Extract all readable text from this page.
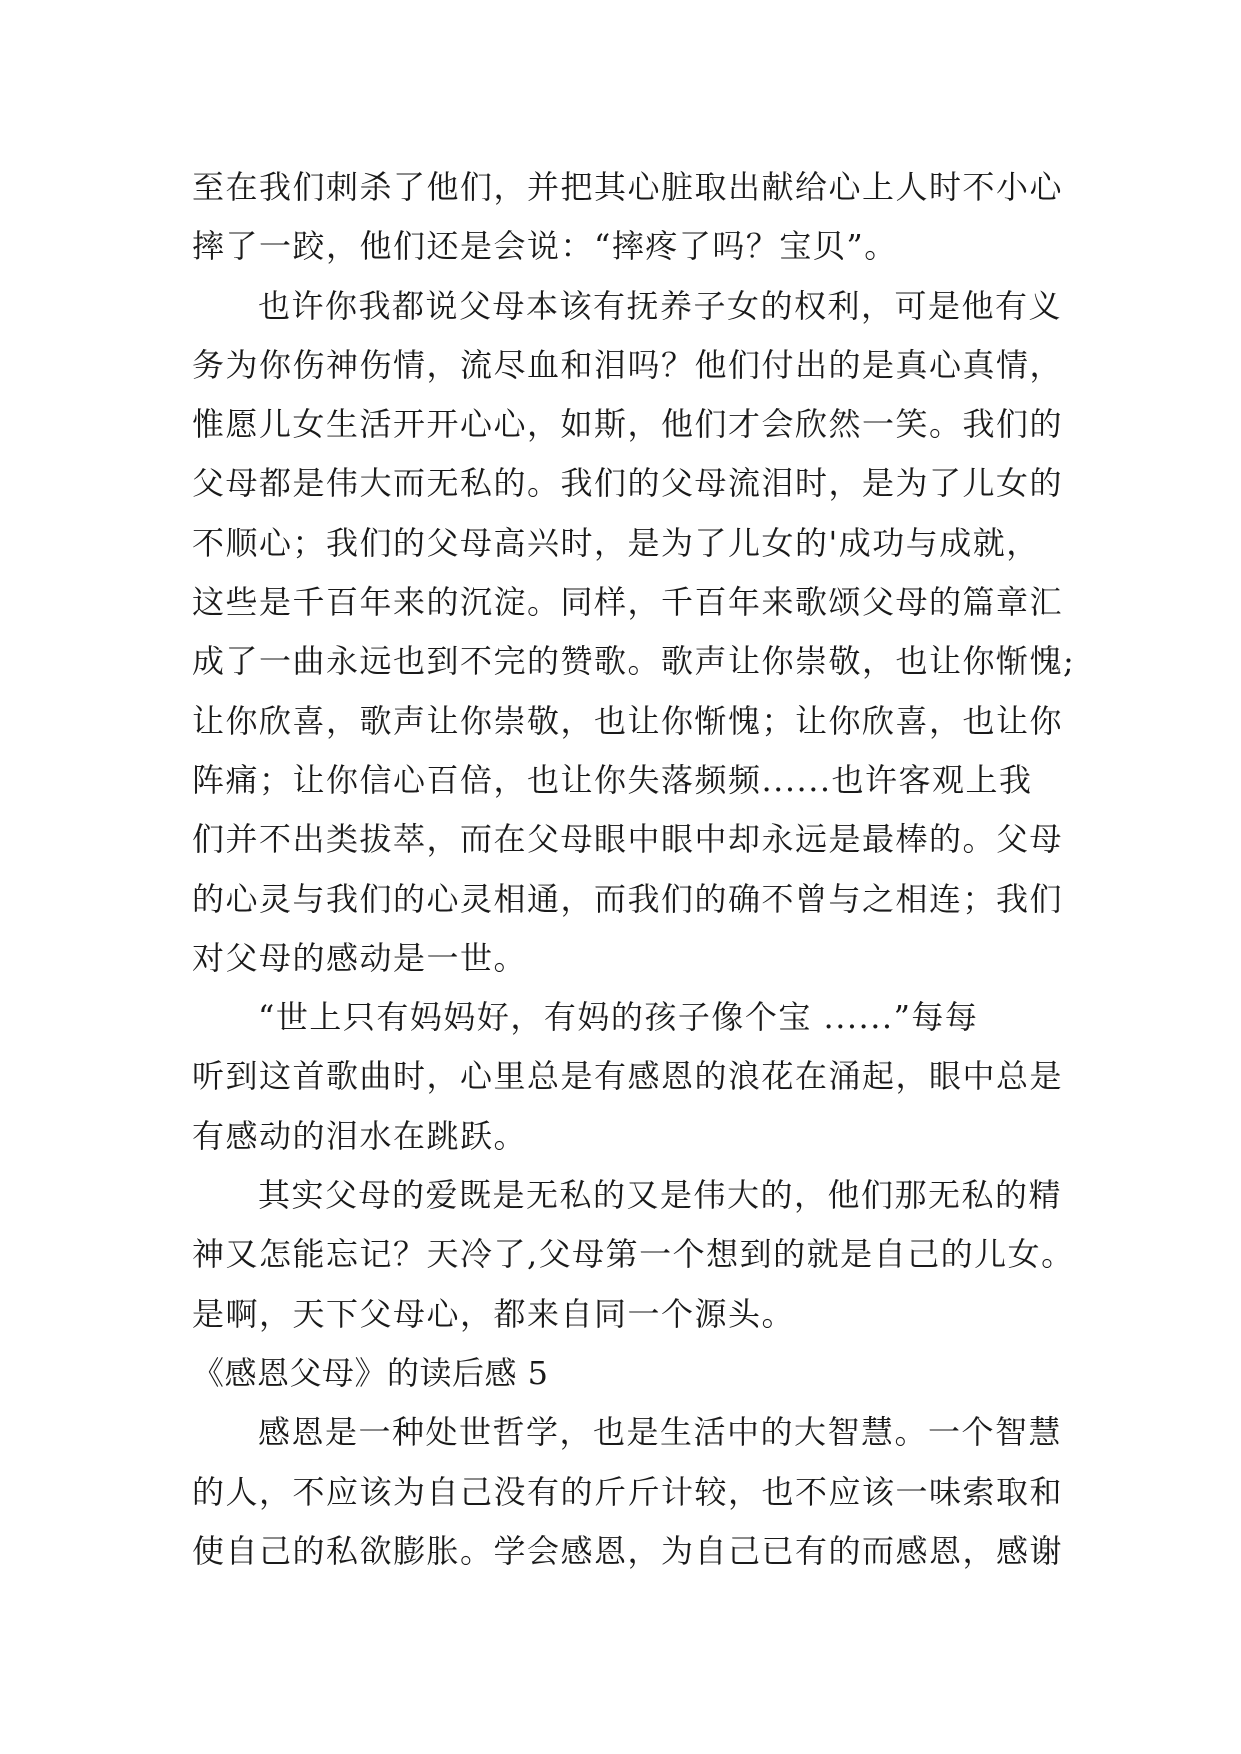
至在我们刺杀了他们，并把其心脏取出献给心上人时不小心
摔了一跤，他们还是会说：“摔疼了吗？宝贝”。
也许你我都说父母本该有抚养子女的权利，可是他有义
务为你伤神伤情，流尽血和泪吗？他们付出的是真心真情，
惟愿儿女生活开开心心，如斯，他们才会欣然一笑。我们的
父母都是伟大而无私的。我们的父母流泪时，是为了儿女的
不顺心；我们的父母高兴时，是为了儿女的'成功与成就，
这些是千百年来的沉淀。同样，千百年来歌颂父母的篇章汇
成了一曲永远也到不完的赞歌。歌声让你崇敬，也让你惭愧;
让你欣喜，歌声让你崇敬，也让你惭愧；让你欣喜，也让你
阵痛；让你信心百倍，也让你失落频频......也许客观上我
们并不出类拔萃，而在父母眼中眼中却永远是最棒的。父母
的心灵与我们的心灵相通，而我们的确不曾与之相连；我们
对父母的感动是一世。
“世上只有妈妈好，有妈的孩子像个宝 ......”每每
听到这首歌曲时，心里总是有感恩的浪花在涌起，眼中总是
有感动的泪水在跳跃。
其实父母的爱既是无私的又是伟大的，他们那无私的精
神又怎能忘记？天冷了,父母第一个想到的就是自己的儿女。
是啊，天下父母心，都来自同一个源头。
《感恩父母》的读后感 5
感恩是一种处世哲学，也是生活中的大智慧。一个智慧
的人，不应该为自己没有的斤斤计较，也不应该一味索取和
使自己的私欲膨胀。学会感恩，为自己已有的而感恩，感谢
